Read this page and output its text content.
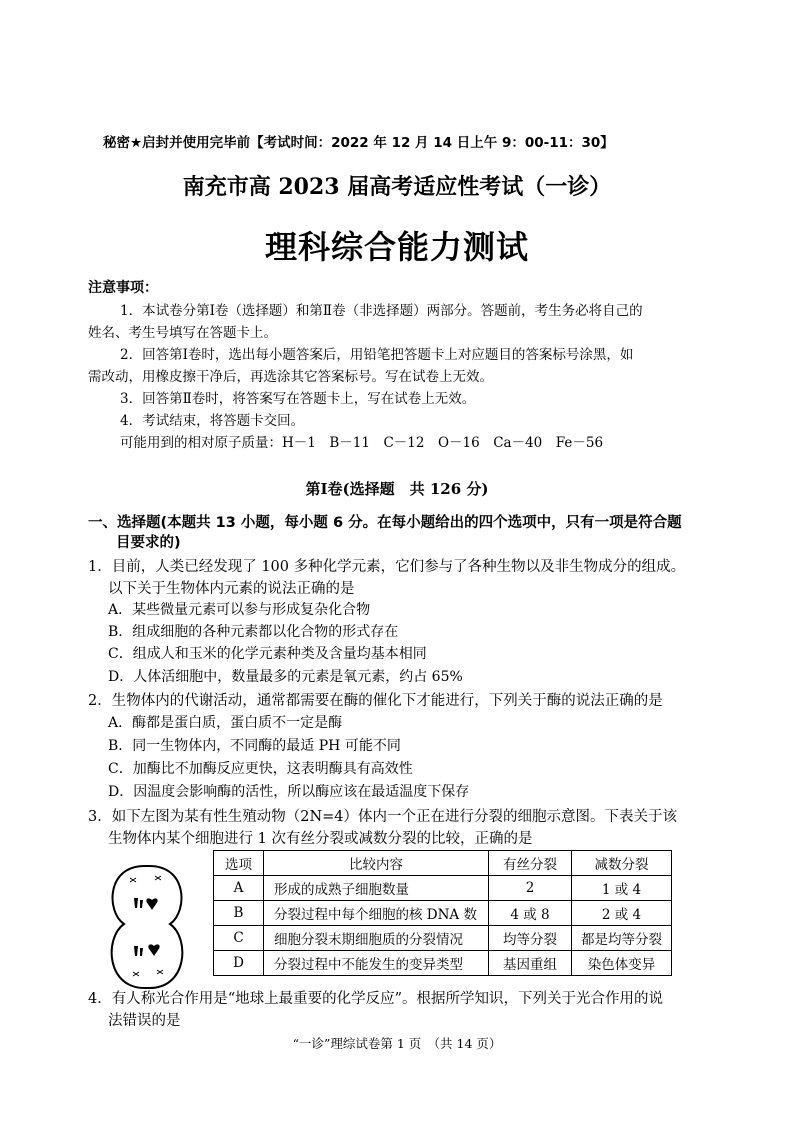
秘密★启封并使用完毕前【考试时间：2022 年 12 月 14 日上午 9：00-11：30】
南充市高 2023 届高考适应性考试（一诊）
理科综合能力测试
注意事项：
1．本试卷分第Ⅰ卷（选择题）和第Ⅱ卷（非选择题）两部分。答题前，考生务必将自己的
姓名、考生号填写在答题卡上。
2．回答第Ⅰ卷时，选出每小题答案后，用铅笔把答题卡上对应题目的答案标号涂黑，如
需改动，用橡皮擦干净后，再选涂其它答案标号。写在试卷上无效。
3．回答第Ⅱ卷时，将答案写在答题卡上，写在试卷上无效。
4．考试结束，将答题卡交回。
可能用到的相对原子质量：H－1　B－11　C－12　O－16　Ca－40　Fe－56
第Ⅰ卷(选择题　共 126 分)
一、选择题(本题共 13 小题，每小题 6 分。在每小题给出的四个选项中，只有一项是符合题
目要求的)
1．目前，人类已经发现了 100 多种化学元素，它们参与了各种生物以及非生物成分的组成。
以下关于生物体内元素的说法正确的是
A．某些微量元素可以参与形成复杂化合物
B．组成细胞的各种元素都以化合物的形式存在
C．组成人和玉米的化学元素种类及含量均基本相同
D．人体活细胞中，数量最多的元素是氧元素，约占 65%
2．生物体内的代谢活动，通常都需要在酶的催化下才能进行，下列关于酶的说法正确的是
A．酶都是蛋白质，蛋白质不一定是酶
B．同一生物体内，不同酶的最适 PH 可能不同
C．加酶比不加酶反应更快，这表明酶具有高效性
D．因温度会影响酶的活性，所以酶应该在最适温度下保存
3．如下左图为某有性生殖动物（2N=4）体内一个正在进行分裂的细胞示意图。下表关于该
生物体内某个细胞进行 1 次有丝分裂或减数分裂的比较，正确的是
选项	比较内容	有丝分裂	减数分裂
A	形成的成熟子细胞数量	2	1 或 4
B	分裂过程中每个细胞的核 DNA 数	4 或 8	2 或 4
C	细胞分裂末期细胞质的分裂情况	均等分裂	都是均等分裂
D	分裂过程中不能发生的变异类型	基因重组	染色体变异
4．有人称光合作用是“地球上最重要的化学反应”。根据所学知识，下列关于光合作用的说
法错误的是
“一诊”理综试卷第 1 页　（共 14 页）
